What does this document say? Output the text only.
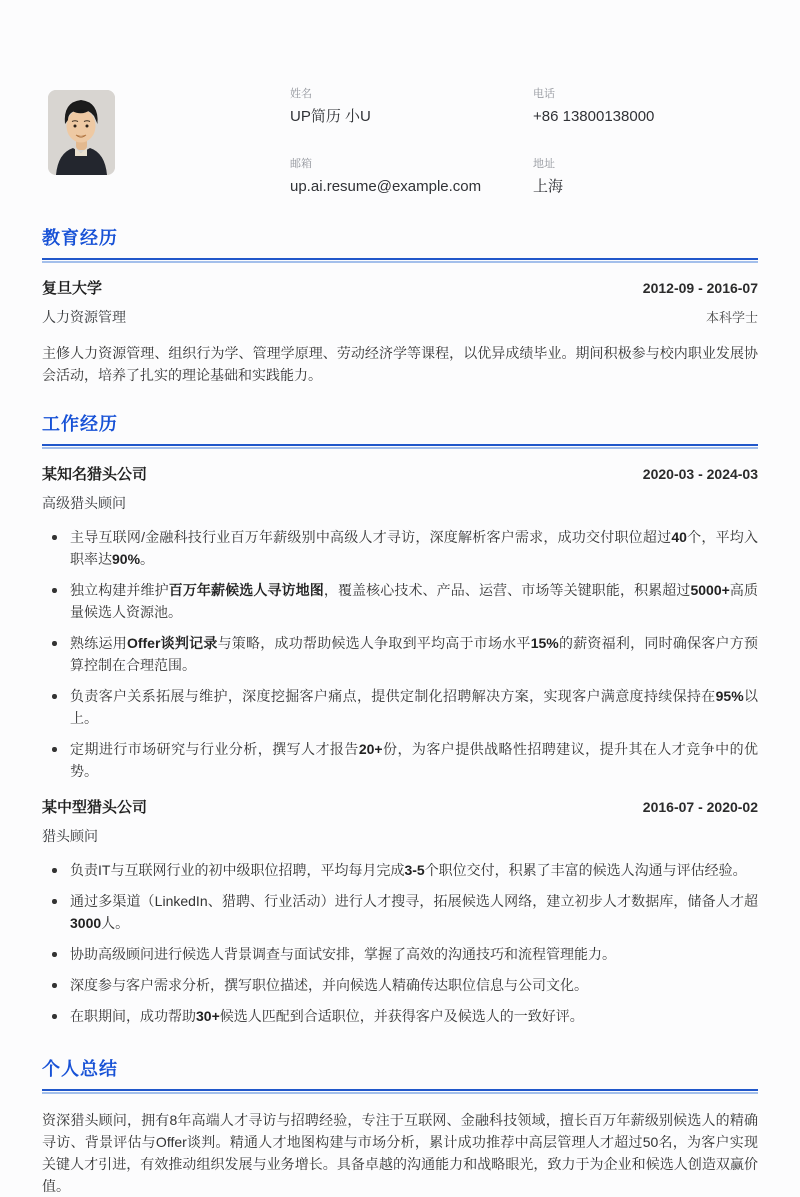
姓名
UP简历 小U
电话
+86 13800138000
邮箱
up.ai.resume@example.com
地址
上海
教育经历
复旦大学	2012-09 - 2016-07
人力资源管理	本科学士
主修人力资源管理、组织行为学、管理学原理、劳动经济学等课程，以优异成绩毕业。期间积极参与校内职业发展协会活动，培养了扎实的理论基础和实践能力。
工作经历
某知名猎头公司	2020-03 - 2024-03
高级猎头顾问
主导互联网/金融科技行业百万年薪级别中高级人才寻访，深度解析客户需求，成功交付职位超过40个，平均入职率达90%。
独立构建并维护百万年薪候选人寻访地图，覆盖核心技术、产品、运营、市场等关键职能，积累超过5000+高质量候选人资源池。
熟练运用Offer谈判记录与策略，成功帮助候选人争取到平均高于市场水平15%的薪资福利，同时确保客户方预算控制在合理范围。
负责客户关系拓展与维护，深度挖掘客户痛点，提供定制化招聘解决方案，实现客户满意度持续保持在95%以上。
定期进行市场研究与行业分析，撰写人才报告20+份，为客户提供战略性招聘建议，提升其在人才竞争中的优势。
某中型猎头公司	2016-07 - 2020-02
猎头顾问
负责IT与互联网行业的初中级职位招聘，平均每月完成3-5个职位交付，积累了丰富的候选人沟通与评估经验。
通过多渠道（LinkedIn、猎聘、行业活动）进行人才搜寻，拓展候选人网络，建立初步人才数据库，储备人才超3000人。
协助高级顾问进行候选人背景调查与面试安排，掌握了高效的沟通技巧和流程管理能力。
深度参与客户需求分析，撰写职位描述，并向候选人精确传达职位信息与公司文化。
在职期间，成功帮助30+候选人匹配到合适职位，并获得客户及候选人的一致好评。
个人总结
资深猎头顾问，拥有8年高端人才寻访与招聘经验，专注于互联网、金融科技领域，擅长百万年薪级别候选人的精确寻访、背景评估与Offer谈判。精通人才地图构建与市场分析，累计成功推荐中高层管理人才超过50名，为客户实现关键人才引进，有效推动组织发展与业务增长。具备卓越的沟通能力和战略眼光，致力于为企业和候选人创造双赢价值。
